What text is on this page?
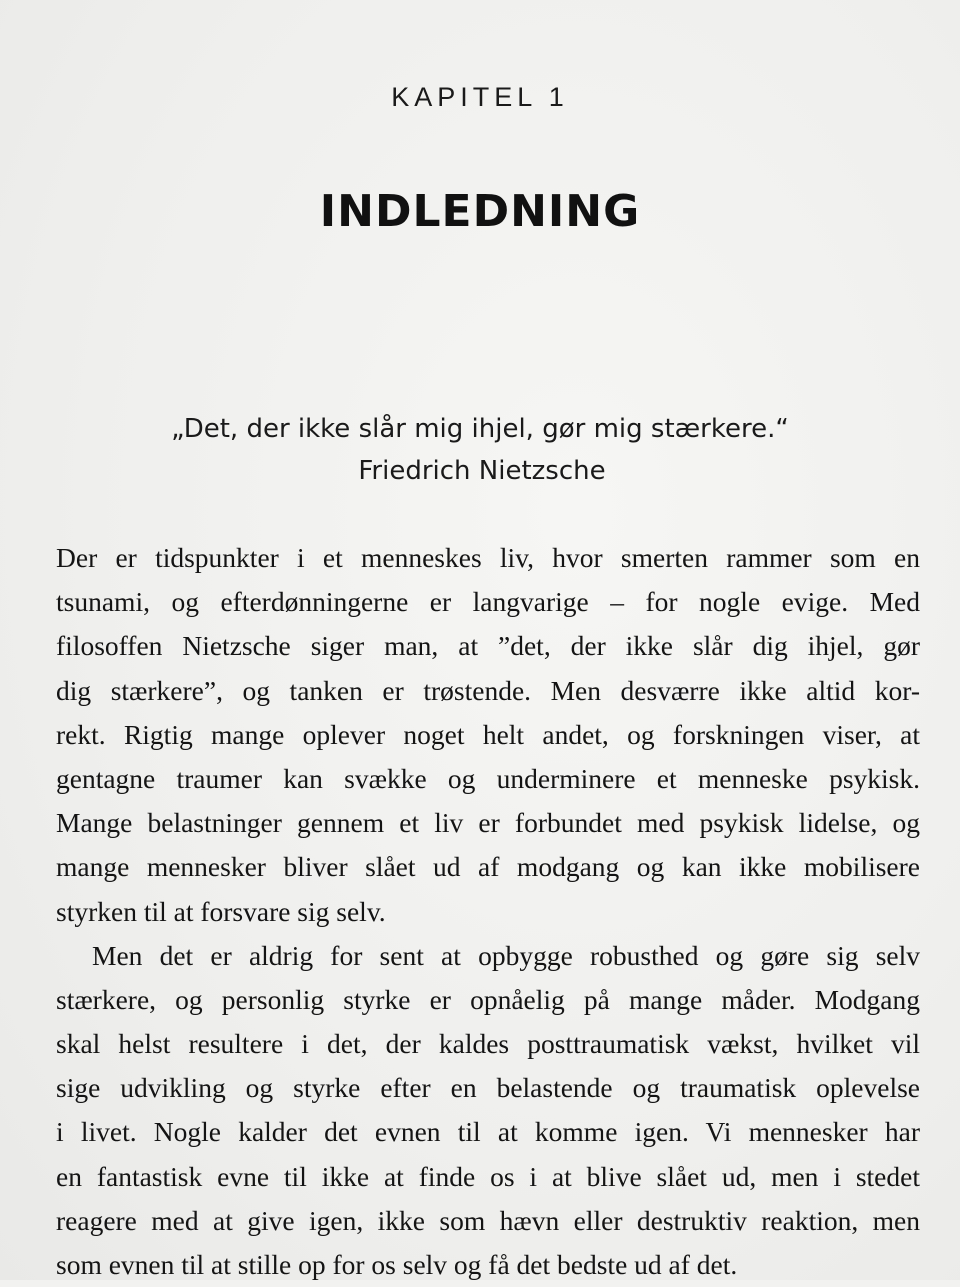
KAPITEL 1
INDLEDNING
„Det, der ikke slår mig ihjel, gør mig stærkere.“
Friedrich Nietzsche
Der er tidspunkter i et menneskes liv, hvor smerten rammer som en
tsunami, og efterdønningerne er langvarige – for nogle evige. Med
filosoffen Nietzsche siger man, at ”det, der ikke slår dig ihjel, gør
dig stærkere”, og tanken er trøstende. Men desværre ikke altid kor-
rekt. Rigtig mange oplever noget helt andet, og forskningen viser, at
gentagne traumer kan svække og underminere et menneske psykisk.
Mange belastninger gennem et liv er forbundet med psykisk lidelse, og
mange mennesker bliver slået ud af modgang og kan ikke mobilisere
styrken til at forsvare sig selv.
Men det er aldrig for sent at opbygge robusthed og gøre sig selv
stærkere, og personlig styrke er opnåelig på mange måder. Modgang
skal helst resultere i det, der kaldes posttraumatisk vækst, hvilket vil
sige udvikling og styrke efter en belastende og traumatisk oplevelse
i livet. Nogle kalder det evnen til at komme igen. Vi mennesker har
en fantastisk evne til ikke at finde os i at blive slået ud, men i stedet
reagere med at give igen, ikke som hævn eller destruktiv reaktion, men
som evnen til at stille op for os selv og få det bedste ud af det.
